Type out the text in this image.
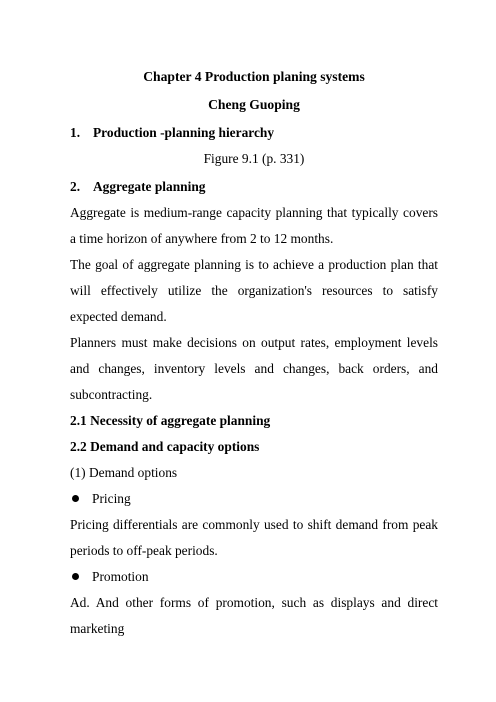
Chapter 4 Production planing systems
Cheng Guoping
1. Production -planning hierarchy
Figure 9.1 (p. 331)
2. Aggregate planning
Aggregate is medium-range capacity planning that typically covers a time horizon of anywhere from 2 to 12 months.
The goal of aggregate planning is to achieve a production plan that will effectively utilize the organization's resources to satisfy expected demand.
Planners must make decisions on output rates, employment levels and changes, inventory levels and changes, back orders, and subcontracting.
2.1 Necessity of aggregate planning
2.2 Demand and capacity options
(1) Demand options
Pricing
Pricing differentials are commonly used to shift demand from peak periods to off-peak periods.
Promotion
Ad. And other forms of promotion, such as displays and direct marketing
